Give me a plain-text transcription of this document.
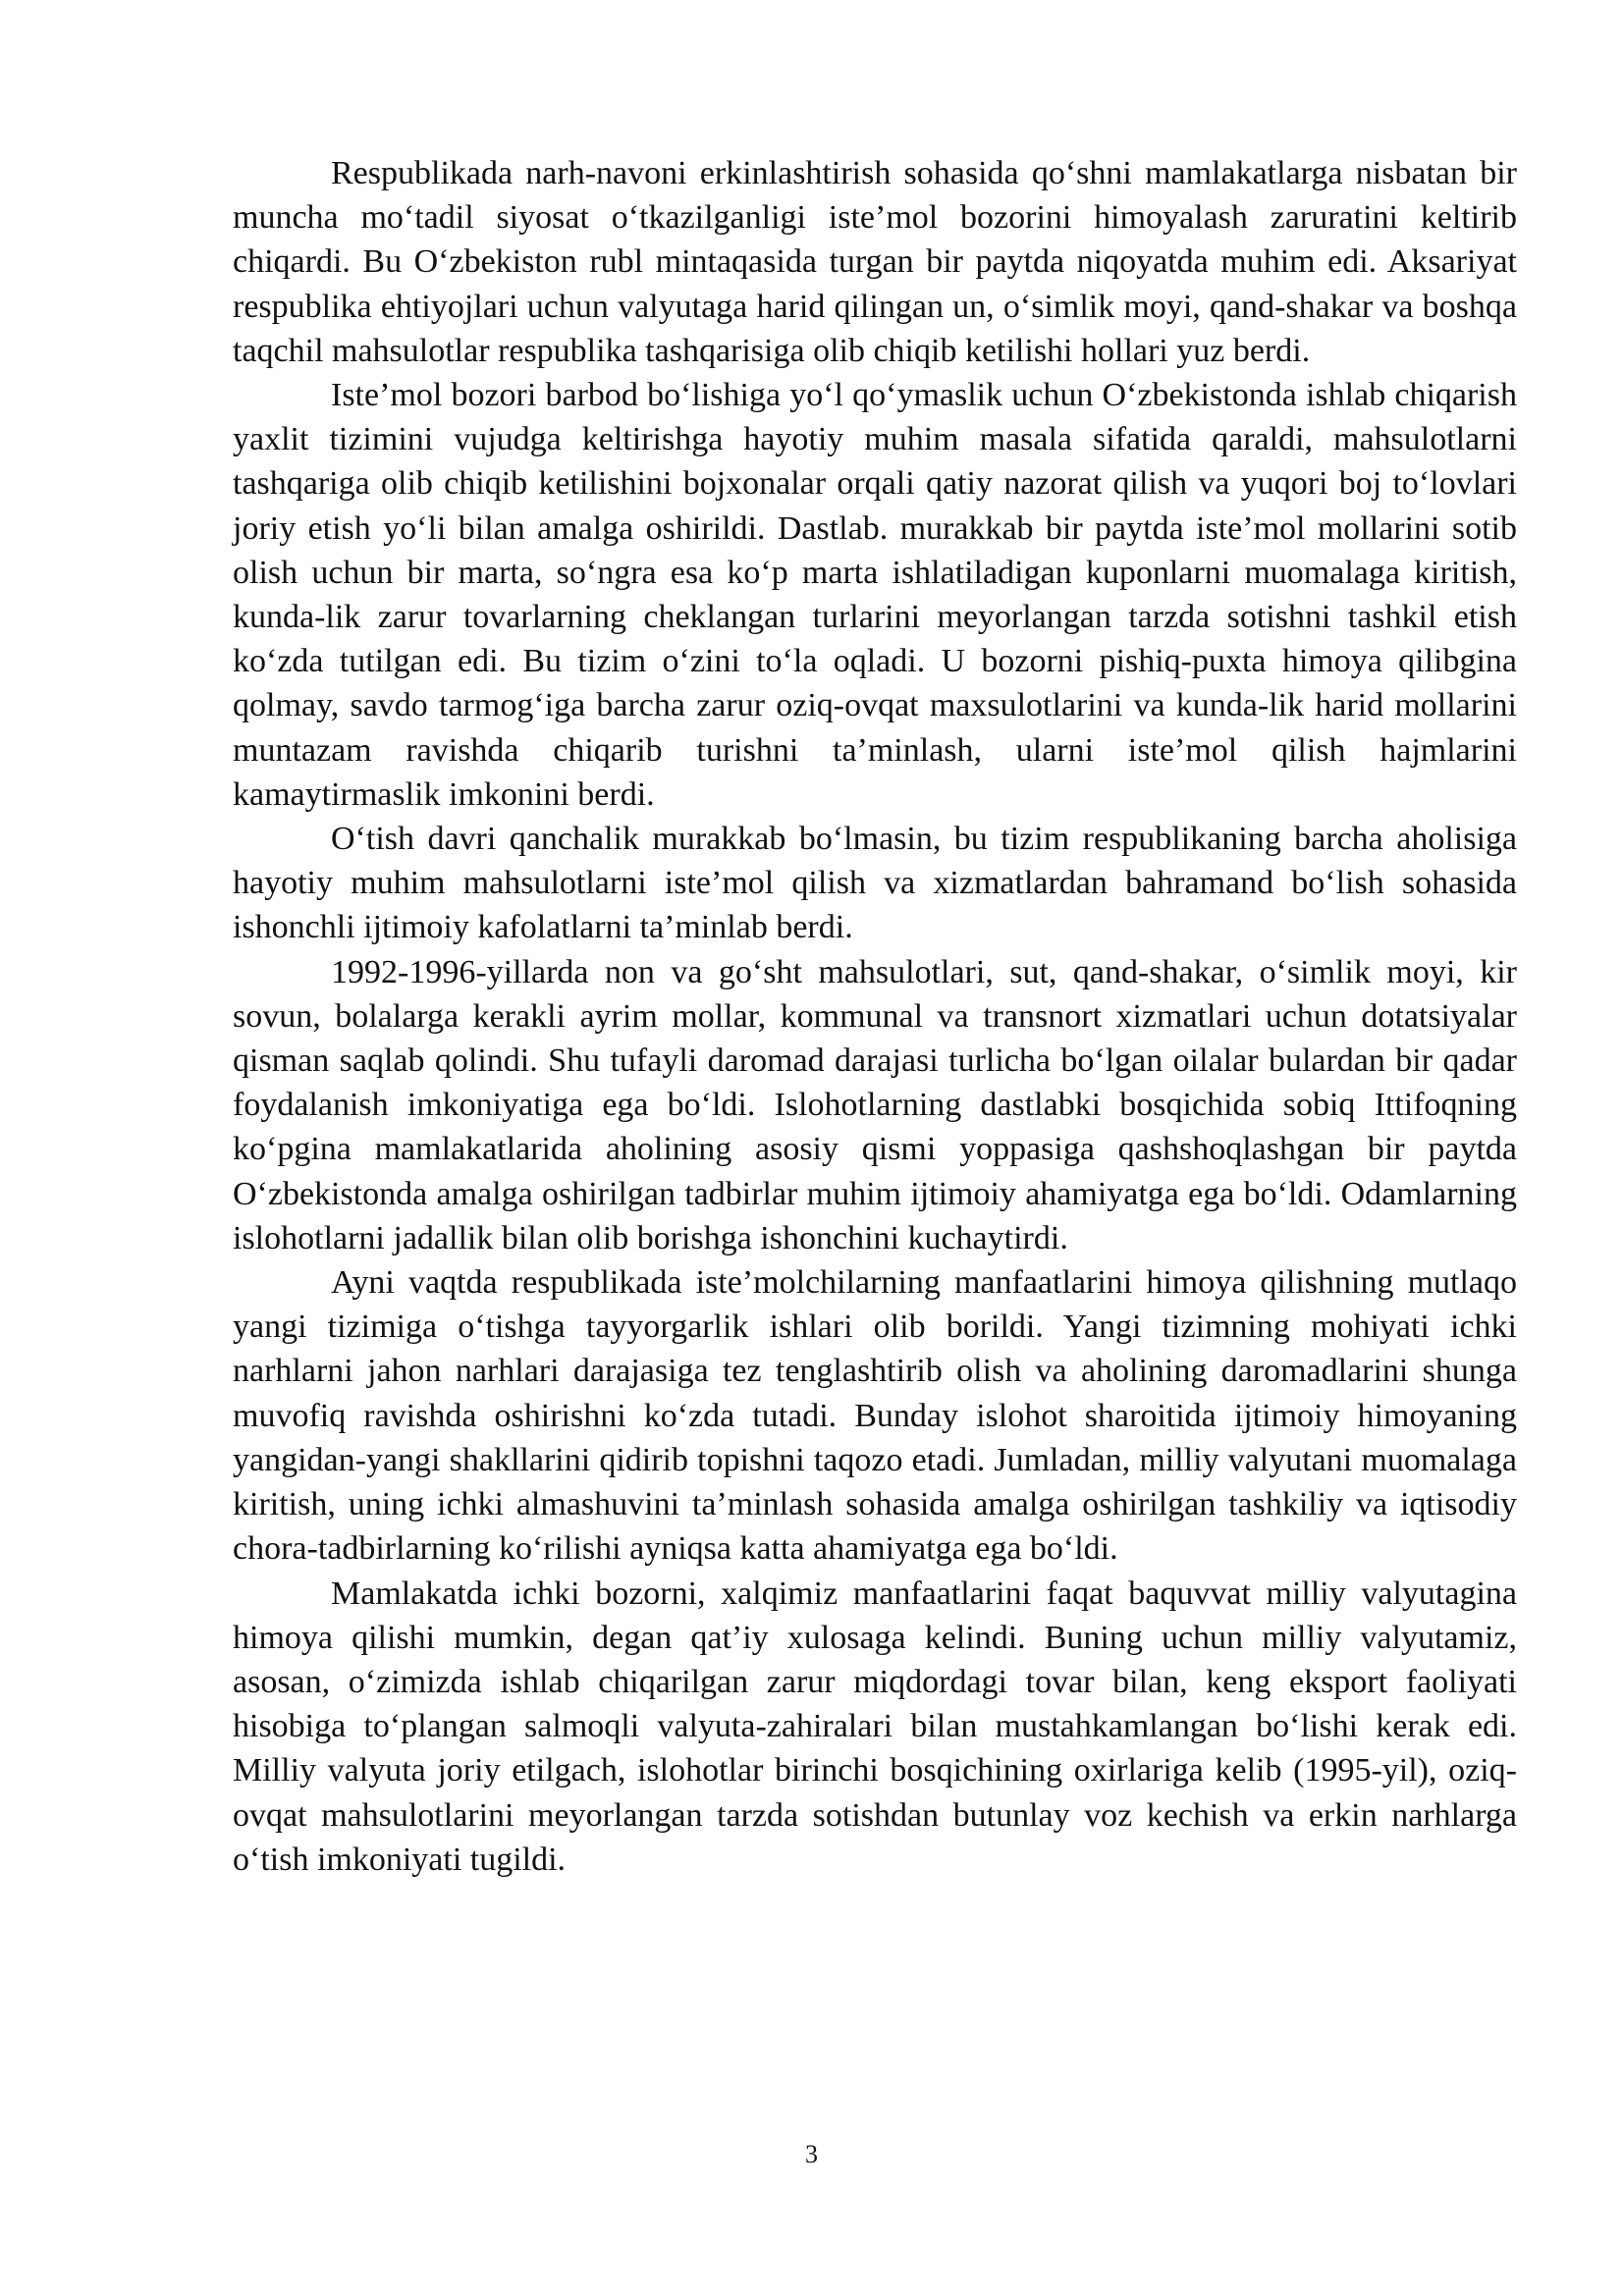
Respublikada narh-navoni erkinlashtirish sohasida qo‘shni mamlakatlarga nisbatan bir muncha mo‘tadil siyosat o‘tkazilganligi iste’mol bozorini himoyalash zaruratini keltirib chiqardi. Bu O‘zbekiston rubl mintaqasida turgan bir paytda niqoyatda muhim edi. Aksariyat respublika ehtiyojlari uchun valyutaga harid qilingan un, o‘simlik moyi, qand-shakar va boshqa taqchil mahsulotlar respublika tashqarisiga olib chiqib ketilishi hollari yuz berdi.

Iste’mol bozori barbod bo‘lishiga yo‘l qo‘ymaslik uchun O‘zbekistonda ishlab chiqarish yaxlit tizimini vujudga keltirishga hayotiy muhim masala sifatida qaraldi, mahsulotlarni tashqariga olib chiqib ketilishini bojxonalar orqali qatiy nazorat qilish va yuqori boj to‘lovlari joriy etish yo‘li bilan amalga oshirildi. Dastlab. murakkab bir paytda iste’mol mollarini sotib olish uchun bir marta, so‘ngra esa ko‘p marta ishlatiladigan kuponlarni muomalaga kiritish, kunda-lik zarur tovarlarning cheklangan turlarini meyorlangan tarzda sotishni tashkil etish ko‘zda tutilgan edi. Bu tizim o‘zini to‘la oqladi. U bozorni pishiq-puxta himoya qilibgina qolmay, savdo tarmog‘iga barcha zarur oziq-ovqat maxsulotlarini va kunda-lik harid mollarini muntazam ravishda chiqarib turishni ta’minlash, ularni iste’mol qilish hajmlarini kamaytirmaslik imkonini berdi.

O‘tish davri qanchalik murakkab bo‘lmasin, bu tizim respublikaning barcha aholisiga hayotiy muhim mahsulotlarni iste’mol qilish va xizmatlardan bahramand bo‘lish sohasida ishonchli ijtimoiy kafolatlarni ta’minlab berdi.

1992-1996-yillarda non va go‘sht mahsulotlari, sut, qand-shakar, o‘simlik moyi, kir sovun, bolalarga kerakli ayrim mollar, kommunal va transnort xizmatlari uchun dotatsiyalar qisman saqlab qolindi. Shu tufayli daromad darajasi turlicha bo‘lgan oilalar bulardan bir qadar foydalanish imkoniyatiga ega bo‘ldi. Islohotlarning dastlabki bosqichida sobiq Ittifoqning ko‘pgina mamlakatlarida aholining asosiy qismi yoppasiga qashshoqlashgan bir paytda O‘zbekistonda amalga oshirilgan tadbirlar muhim ijtimoiy ahamiyatga ega bo‘ldi. Odamlarning islohotlarni jadallik bilan olib borishga ishonchini kuchaytirdi.

Ayni vaqtda respublikada iste’molchilarning manfaatlarini himoya qilishning mutlaqo yangi tizimiga o‘tishga tayyorgarlik ishlari olib borildi. Yangi tizimning mohiyati ichki narhlarni jahon narhlari darajasiga tez tenglashtirib olish va aholining daromadlarini shunga muvofiq ravishda oshirishni ko‘zda tutadi. Bunday islohot sharoitida ijtimoiy himoyaning yangidan-yangi shakllarini qidirib topishni taqozo etadi. Jumladan, milliy valyutani muomalaga kiritish, uning ichki almashuvini ta’minlash sohasida amalga oshirilgan tashkiliy va iqtisodiy chora-tadbirlarning ko‘rilishi ayniqsa katta ahamiyatga ega bo‘ldi.

Mamlakatda ichki bozorni, xalqimiz manfaatlarini faqat baquvvat milliy valyutagina himoya qilishi mumkin, degan qat’iy xulosaga kelindi. Buning uchun milliy valyutamiz, asosan, o‘zimizda ishlab chiqarilgan zarur miqdordagi tovar bilan, keng eksport faoliyati hisobiga to‘plangan salmoqli valyuta-zahiralari bilan mustahkamlangan bo‘lishi kerak edi. Milliy valyuta joriy etilgach, islohotlar birinchi bosqichining oxirlariga kelib (1995-yil), oziq-ovqat mahsulotlarini meyorlangan tarzda sotishdan butunlay voz kechish va erkin narhlarga o‘tish imkoniyati tugildi.

3
